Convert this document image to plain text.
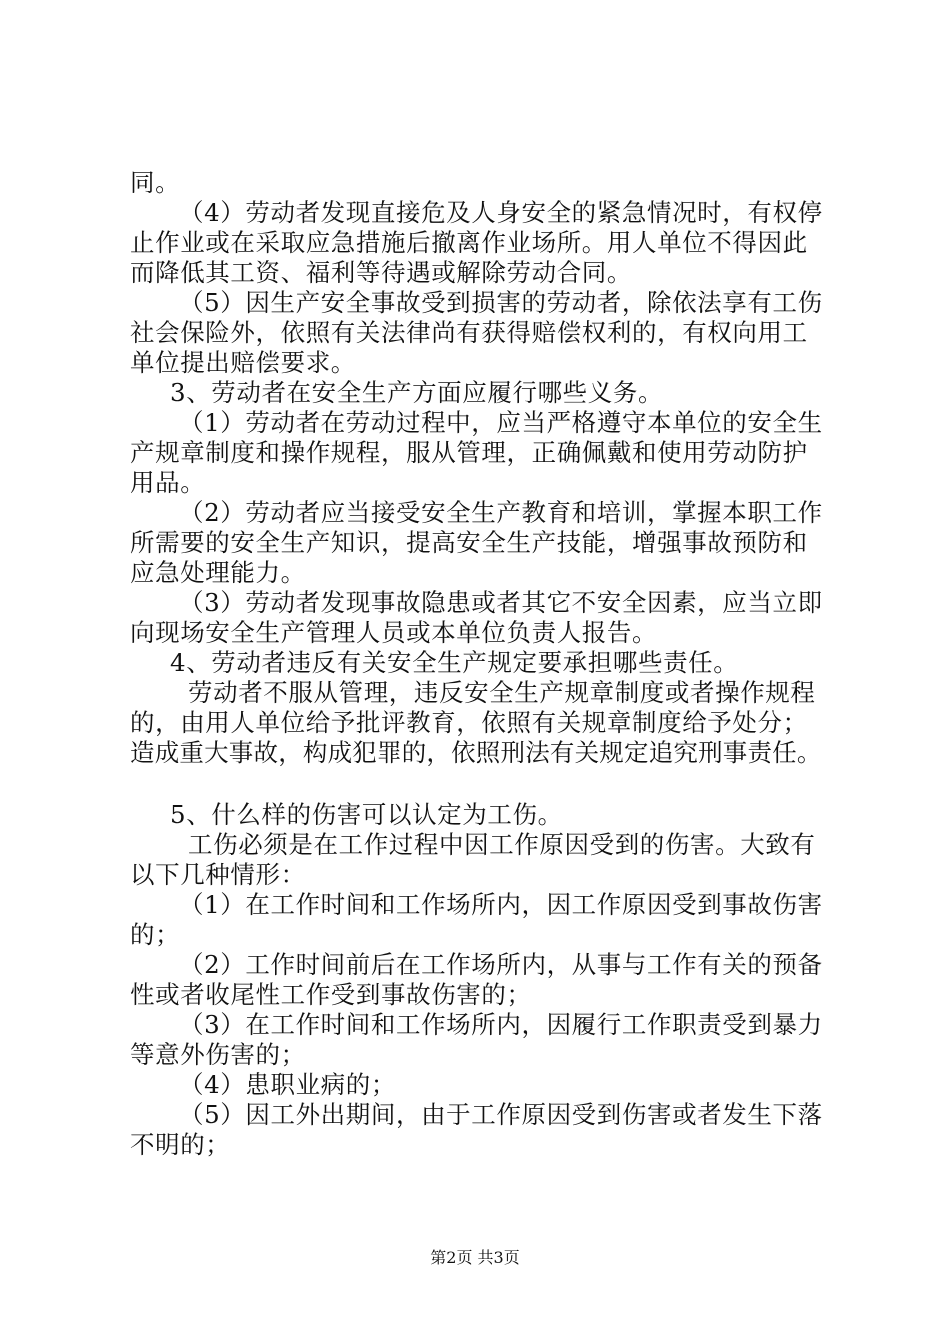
同。
（4）劳动者发现直接危及人身安全的紧急情况时，有权停
止作业或在采取应急措施后撤离作业场所。用人单位不得因此
而降低其工资、福利等待遇或解除劳动合同。
（5）因生产安全事故受到损害的劳动者，除依法享有工伤
社会保险外，依照有关法律尚有获得赔偿权利的，有权向用工
单位提出赔偿要求。
3、劳动者在安全生产方面应履行哪些义务。
（1）劳动者在劳动过程中，应当严格遵守本单位的安全生
产规章制度和操作规程，服从管理，正确佩戴和使用劳动防护
用品。
（2）劳动者应当接受安全生产教育和培训，掌握本职工作
所需要的安全生产知识，提高安全生产技能，增强事故预防和
应急处理能力。
（3）劳动者发现事故隐患或者其它不安全因素，应当立即
向现场安全生产管理人员或本单位负责人报告。
4、劳动者违反有关安全生产规定要承担哪些责任。
劳动者不服从管理，违反安全生产规章制度或者操作规程
的，由用人单位给予批评教育，依照有关规章制度给予处分；
造成重大事故，构成犯罪的，依照刑法有关规定追究刑事责任。
5、什么样的伤害可以认定为工伤。
工伤必须是在工作过程中因工作原因受到的伤害。大致有
以下几种情形：
（1）在工作时间和工作场所内，因工作原因受到事故伤害
的；
（2）工作时间前后在工作场所内，从事与工作有关的预备
性或者收尾性工作受到事故伤害的；
（3）在工作时间和工作场所内，因履行工作职责受到暴力
等意外伤害的；
（4）患职业病的；
（5）因工外出期间，由于工作原因受到伤害或者发生下落
不明的；
第2页 共3页
